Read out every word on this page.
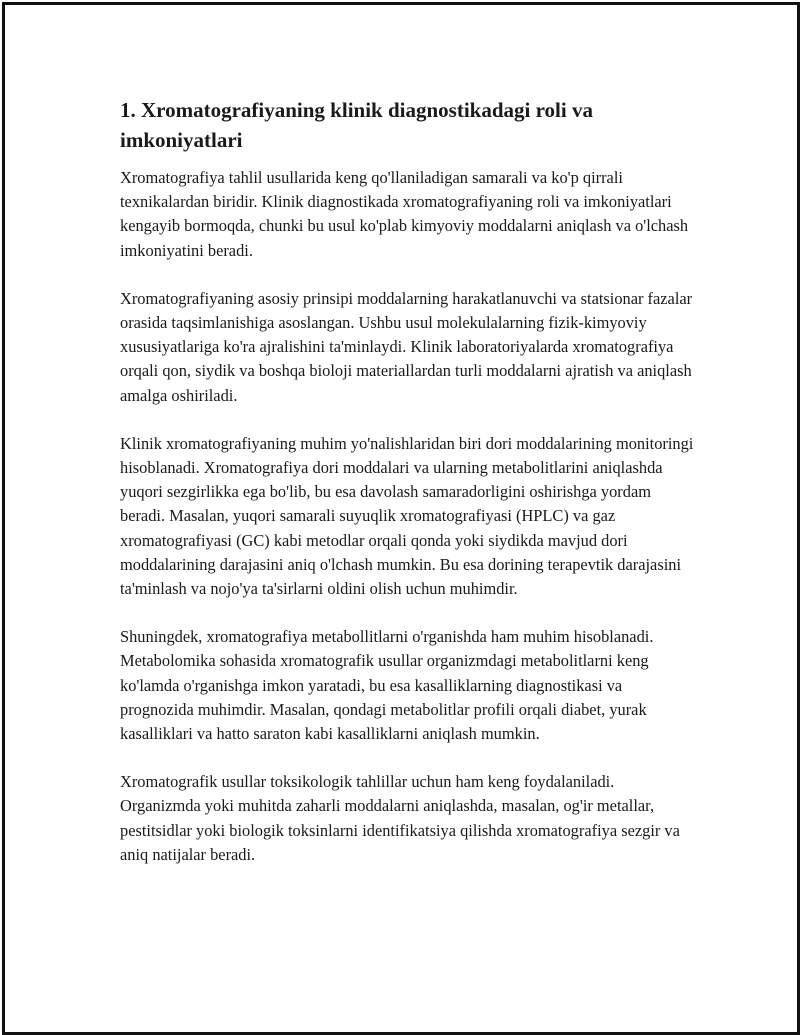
1. Xromatografiyaning klinik diagnostikadagi roli va imkoniyatlari

Xromatografiya tahlil usullarida keng qo'llaniladigan samarali va ko'p qirrali texnikalardan biridir. Klinik diagnostikada xromatografiyaning roli va imkoniyatlari kengayib bormoqda, chunki bu usul ko'plab kimyoviy moddalarni aniqlash va o'lchash imkoniyatini beradi.

Xromatografiyaning asosiy prinsipi moddalarning harakatlanuvchi va statsionar fazalar orasida taqsimlanishiga asoslangan. Ushbu usul molekulalarning fizik-kimyoviy xususiyatlariga ko'ra ajralishini ta'minlaydi. Klinik laboratoriyalarda xromatografiya orqali qon, siydik va boshqa bioloji materiallardan turli moddalarni ajratish va aniqlash amalga oshiriladi.

Klinik xromatografiyaning muhim yo'nalishlaridan biri dori moddalarining monitoringi hisoblanadi. Xromatografiya dori moddalari va ularning metabolitlarini aniqlashda yuqori sezgirlikka ega bo'lib, bu esa davolash samaradorligini oshirishga yordam beradi. Masalan, yuqori samarali suyuqlik xromatografiyasi (HPLC) va gaz xromatografiyasi (GC) kabi metodlar orqali qonda yoki siydikda mavjud dori moddalarining darajasini aniq o'lchash mumkin. Bu esa dorining terapevtik darajasini ta'minlash va nojo'ya ta'sirlarni oldini olish uchun muhimdir.

Shuningdek, xromatografiya metabollitlarni o'rganishda ham muhim hisoblanadi. Metabolomika sohasida xromatografik usullar organizmdagi metabolitlarni keng ko'lamda o'rganishga imkon yaratadi, bu esa kasalliklarning diagnostikasi va prognozida muhimdir. Masalan, qondagi metabolitlar profili orqali diabet, yurak kasalliklari va hatto saraton kabi kasalliklarni aniqlash mumkin.

Xromatografik usullar toksikologik tahlillar uchun ham keng foydalaniladi. Organizmda yoki muhitda zaharli moddalarni aniqlashda, masalan, og'ir metallar, pestitsidlar yoki biologik toksinlarni identifikatsiya qilishda xromatografiya sezgir va aniq natijalar beradi.
